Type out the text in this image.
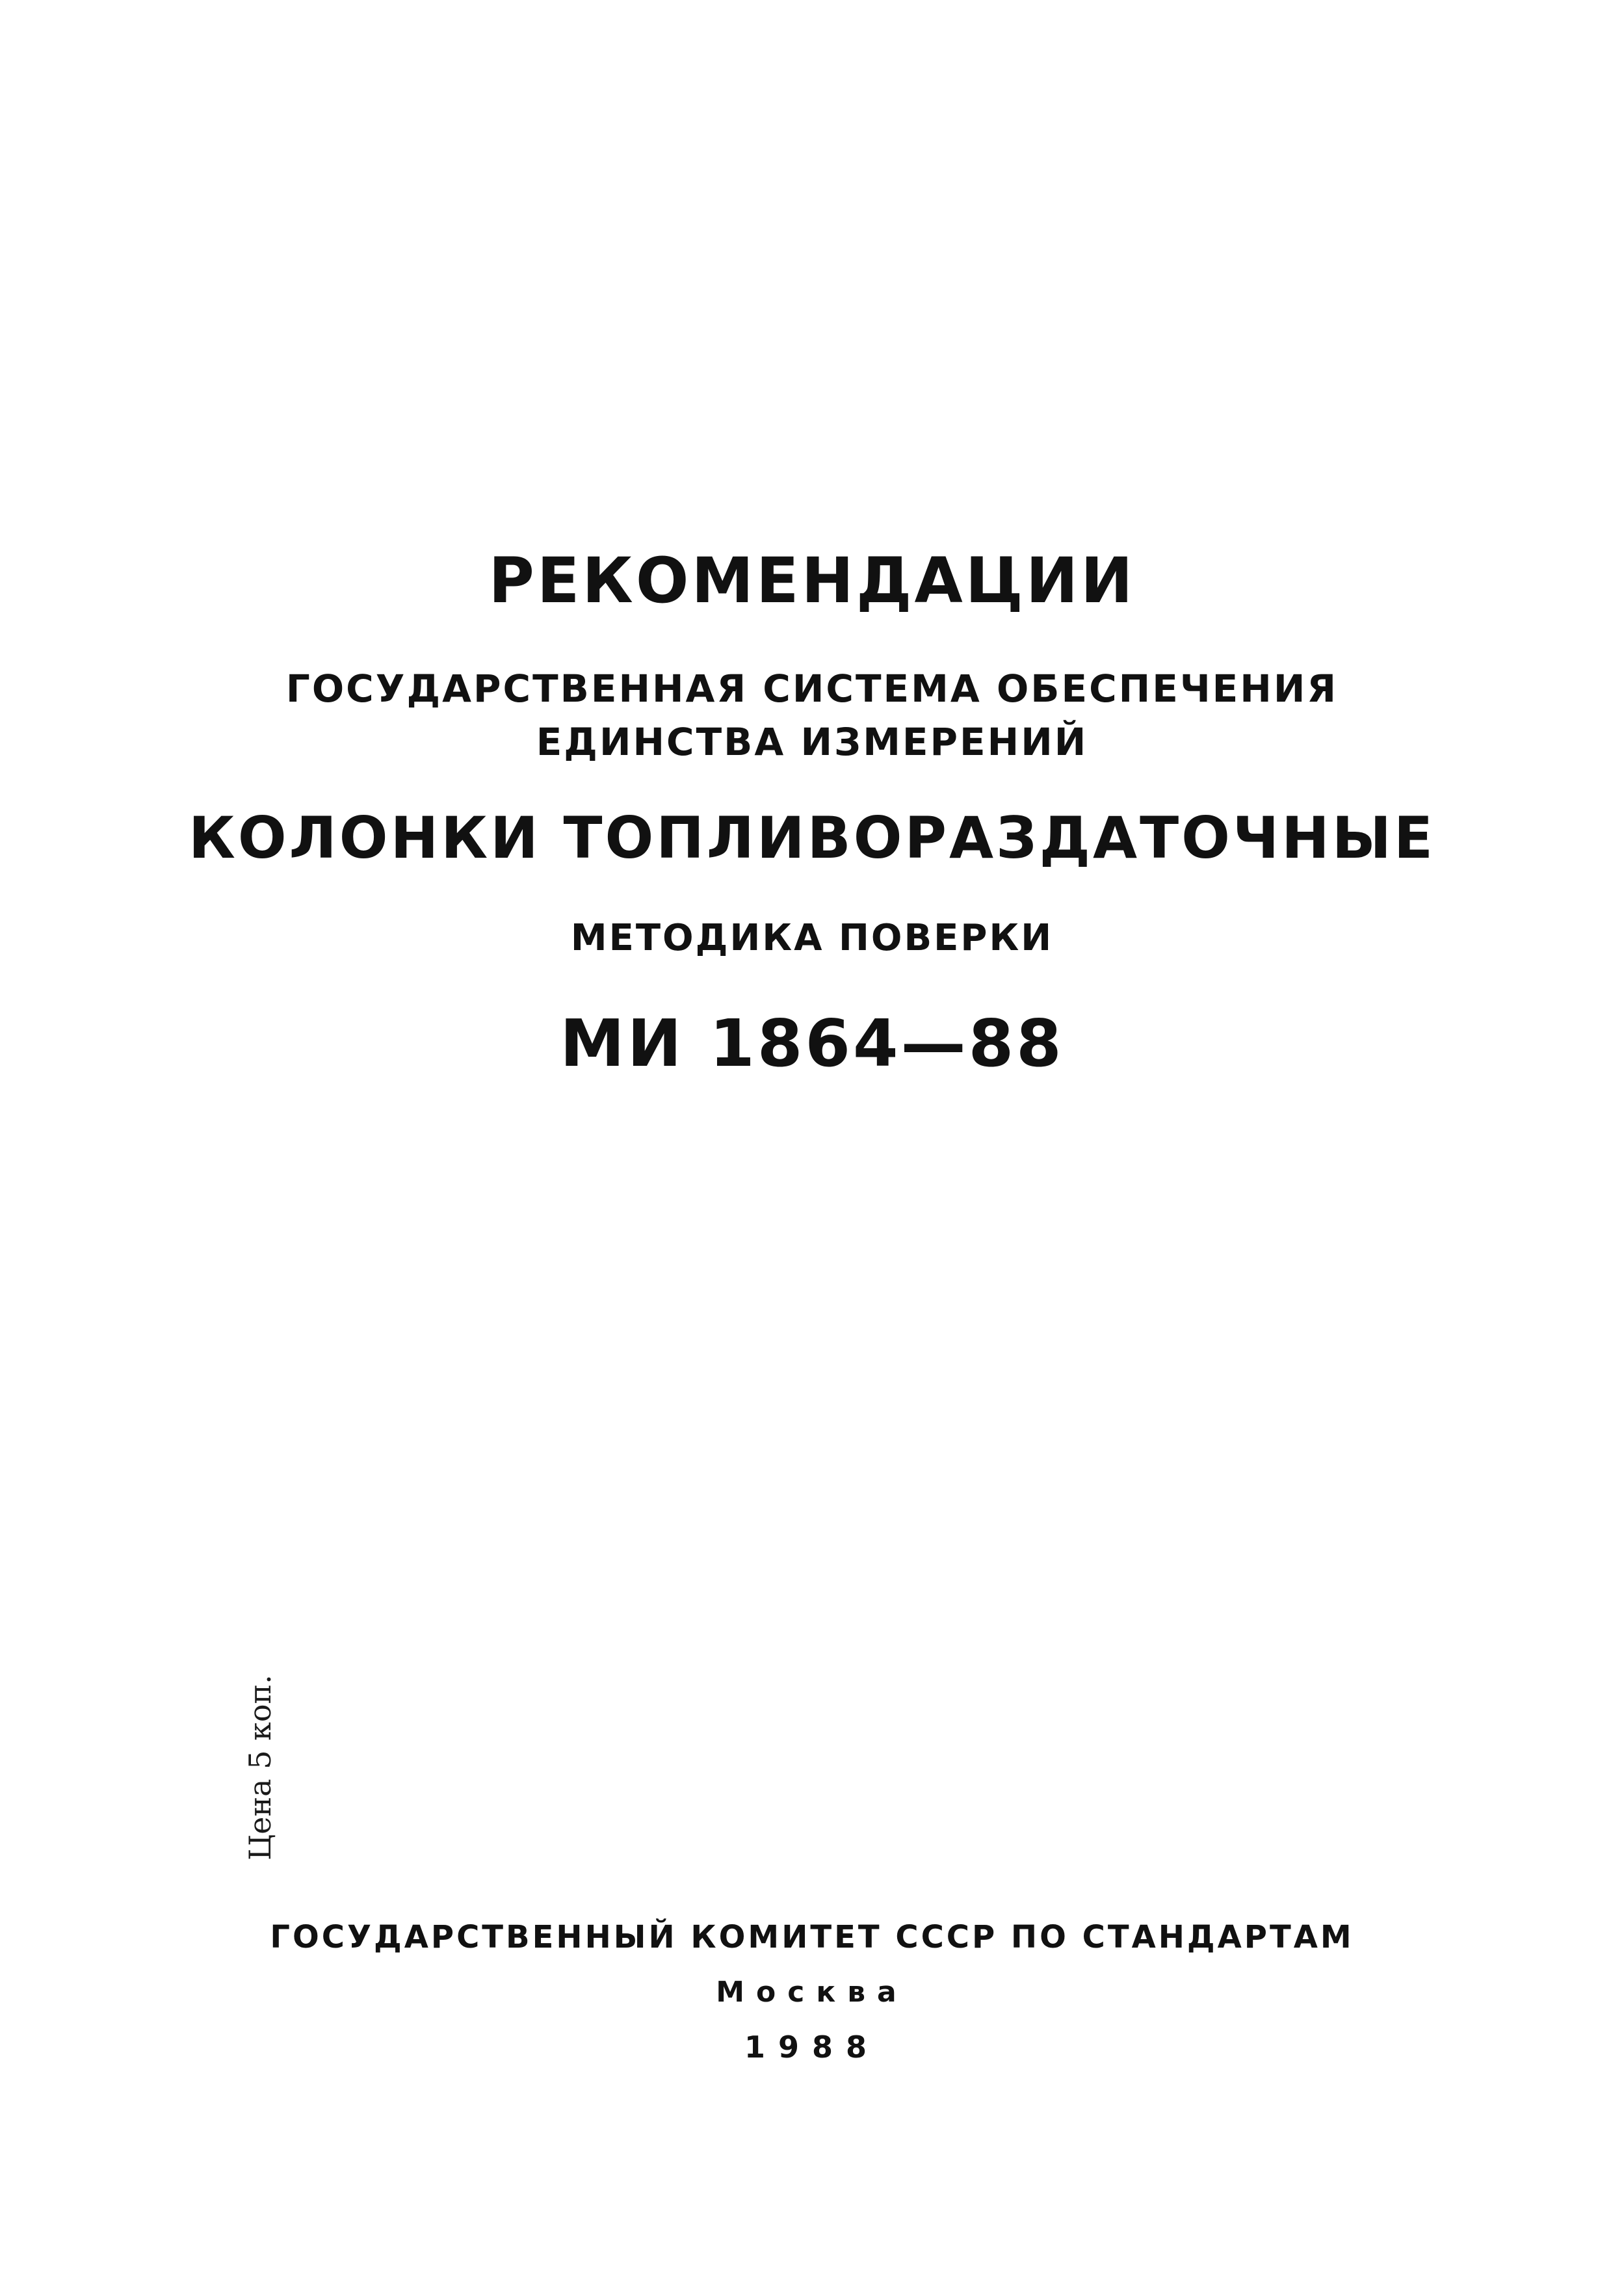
РЕКОМЕНДАЦИИ
ГОСУДАРСТВЕННАЯ СИСТЕМА ОБЕСПЕЧЕНИЯ
ЕДИНСТВА ИЗМЕРЕНИЙ
КОЛОНКИ ТОПЛИВОРАЗДАТОЧНЫЕ
МЕТОДИКА ПОВЕРКИ
МИ 1864—88
Цена 5 коп.
ГОСУДАРСТВЕННЫЙ КОМИТЕТ СССР ПО СТАНДАРТАМ
Москва
1988
